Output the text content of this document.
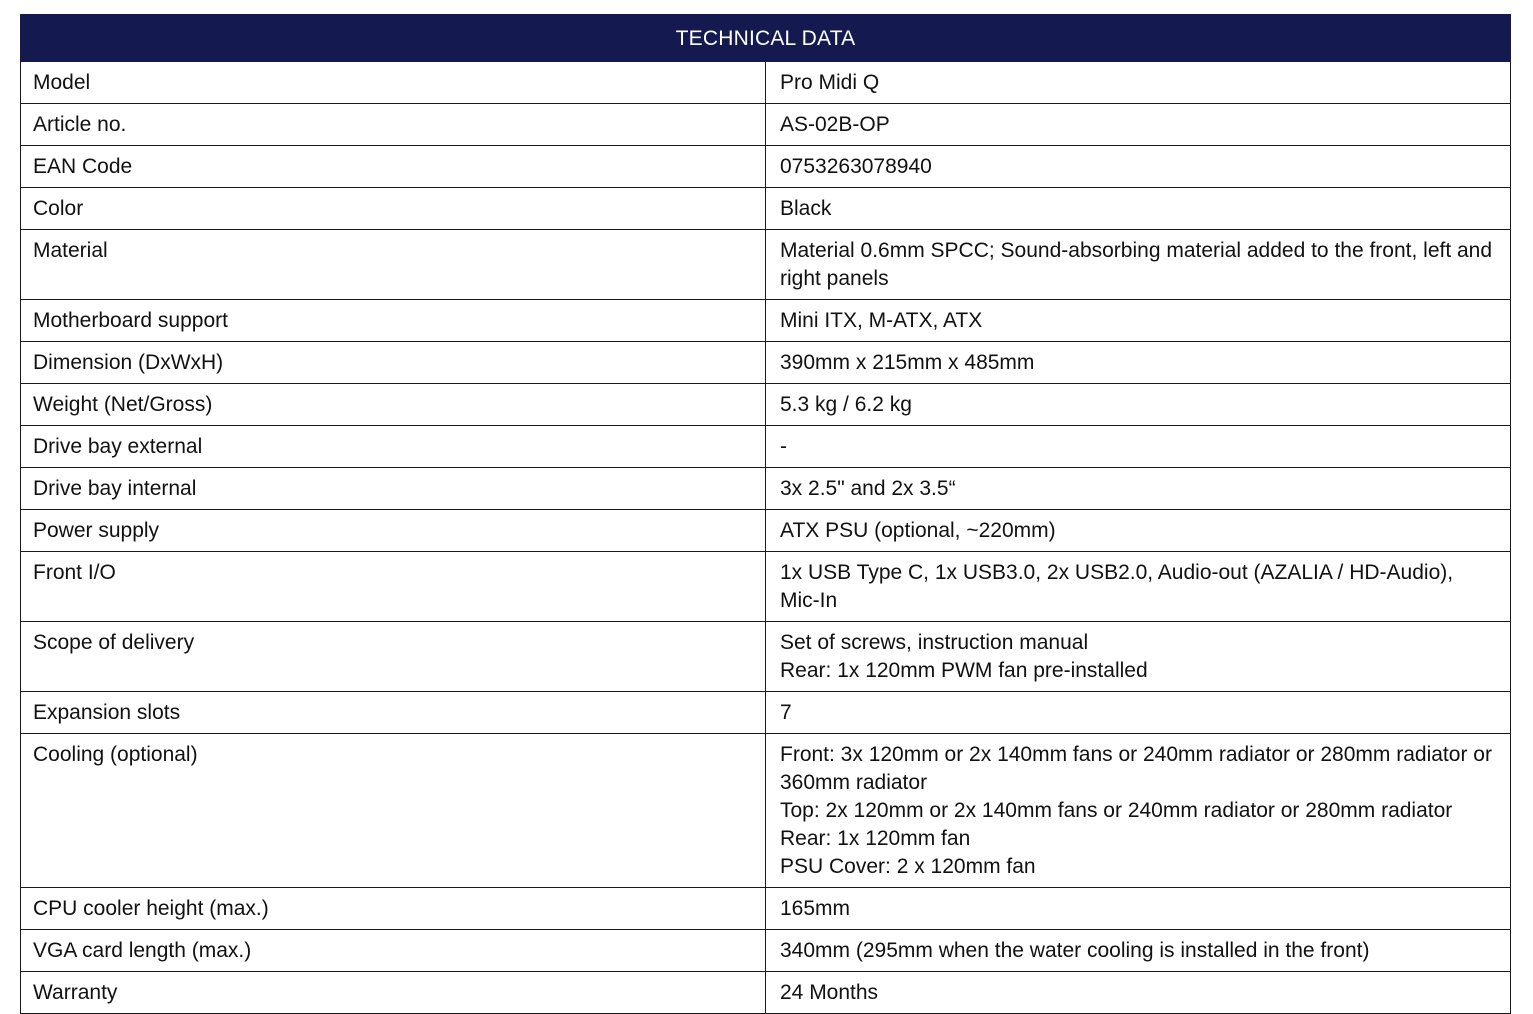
TECHNICAL DATA	
Model	Pro Midi Q

Article no.	AS-02B-OP

EAN Code	0753263078940

Color	Black

Material	Material 0.6mm SPCC; Sound-absorbing material added to the front, left and right panels

Motherboard support	Mini ITX, M-ATX, ATX

Dimension (DxWxH)	390mm x 215mm x 485mm

Weight (Net/Gross)	5.3 kg / 6.2 kg

Drive bay external	-

Drive bay internal	3x 2.5" and 2x 3.5“

Power supply	ATX PSU (optional, ~220mm)

Front I/O	1x USB Type C, 1x USB3.0, 2x USB2.0, Audio-out (AZALIA / HD-Audio), Mic-In

Scope of delivery	Set of screws, instruction manual
Rear: 1x 120mm PWM fan pre-installed

Expansion slots	7

Cooling (optional)	Front: 3x 120mm or 2x 140mm fans or 240mm radiator or 280mm radiator or 360mm radiator
Top: 2x 120mm or 2x 140mm fans or 240mm radiator or 280mm radiator
Rear: 1x 120mm fan
PSU Cover: 2 x 120mm fan

CPU cooler height (max.)	165mm

VGA card length (max.)	340mm (295mm when the water cooling is installed in the front)

Warranty	24 Months
